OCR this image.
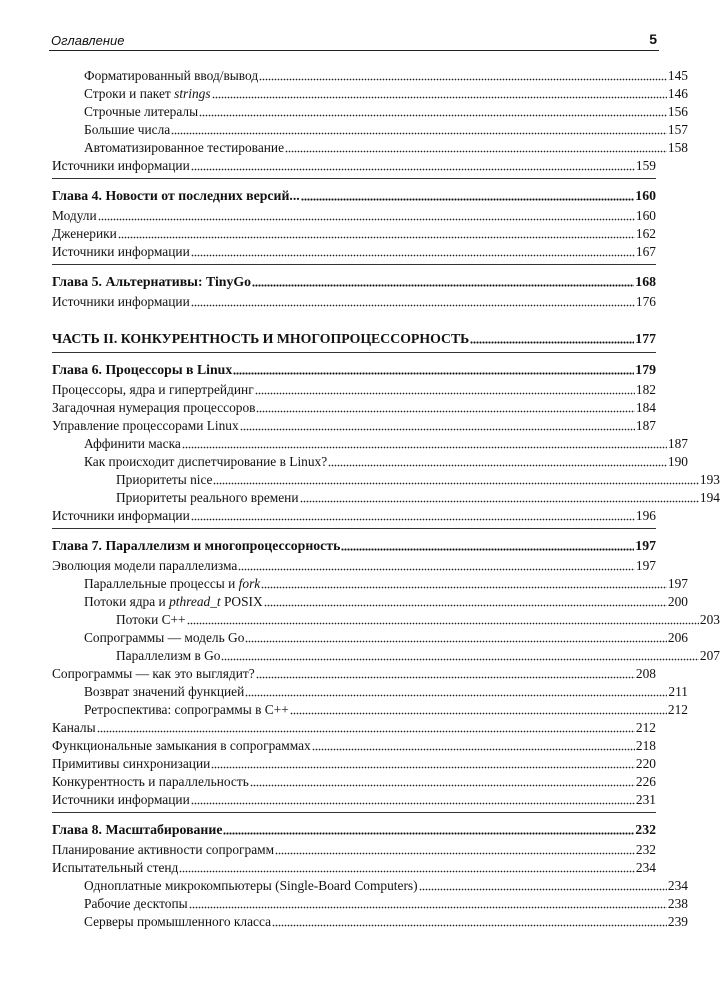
Оглавление	5
Форматированный ввод/вывод	145
Строки и пакет strings	146
Строчные литералы	156
Большие числа	157
Автоматизированное тестирование	158
Источники информации	159
Глава 4. Новости от последних версий...	160
Модули	160
Дженерики	162
Источники информации	167
Глава 5. Альтернативы: TinyGo	168
Источники информации	176
ЧАСТЬ II. КОНКУРЕНТНОСТЬ И МНОГОПРОЦЕССОРНОСТЬ	177
Глава 6. Процессоры в Linux	179
Процессоры, ядра и гипертрейдинг	182
Загадочная нумерация процессоров	184
Управление процессорами Linux	187
Аффинити маска	187
Как происходит диспетчирование в Linux?	190
Приоритеты nice	193
Приоритеты реального времени	194
Источники информации	196
Глава 7. Параллелизм и многопроцессорность	197
Эволюция модели параллелизма	197
Параллельные процессы и fork	197
Потоки ядра и pthread_t POSIX	200
Потоки C++	203
Сопрограммы — модель Go	206
Параллелизм в Go	207
Сопрограммы — как это выглядит?	208
Возврат значений функцией	211
Ретроспектива: сопрограммы в C++	212
Каналы	212
Функциональные замыкания в сопрограммах	218
Примитивы синхронизации	220
Конкурентность и параллельность	226
Источники информации	231
Глава 8. Масштабирование	232
Планирование активности сопрограмм	232
Испытательный стенд	234
Одноплатные микрокомпьютеры (Single-Board Computers)	234
Рабочие десктопы	238
Серверы промышленного класса	239
